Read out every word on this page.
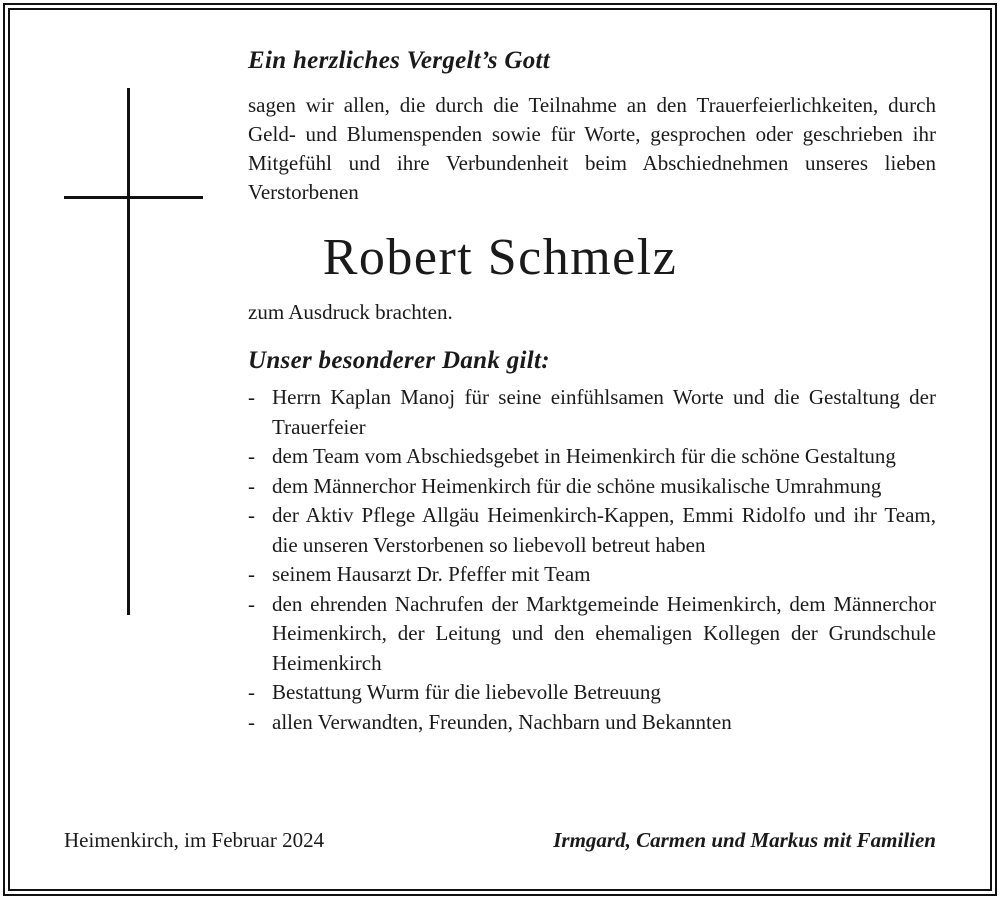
Ein herzliches Vergelt’s Gott
sagen wir allen, die durch die Teilnahme an den Trauerfeierlichkeiten, durch Geld- und Blumenspenden sowie für Worte, gesprochen oder geschrieben ihr Mitgefühl und ihre Verbundenheit beim Abschiednehmen unseres lieben Verstorbenen
Robert Schmelz
zum Ausdruck brachten.
Unser besonderer Dank gilt:
- Herrn Kaplan Manoj für seine einfühlsamen Worte und die Gestaltung der Trauerfeier
- dem Team vom Abschiedsgebet in Heimenkirch für die schöne Gestaltung
- dem Männerchor Heimenkirch für die schöne musikalische Umrahmung
- der Aktiv Pflege Allgäu Heimenkirch-Kappen, Emmi Ridolfo und ihr Team, die unseren Verstorbenen so liebevoll betreut haben
- seinem Hausarzt Dr. Pfeffer mit Team
- den ehrenden Nachrufen der Marktgemeinde Heimenkirch, dem Männerchor Heimenkirch, der Leitung und den ehemaligen Kollegen der Grundschule Heimenkirch
- Bestattung Wurm für die liebevolle Betreuung
- allen Verwandten, Freunden, Nachbarn und Bekannten
Heimenkirch, im Februar 2024	Irmgard, Carmen und Markus mit Familien
